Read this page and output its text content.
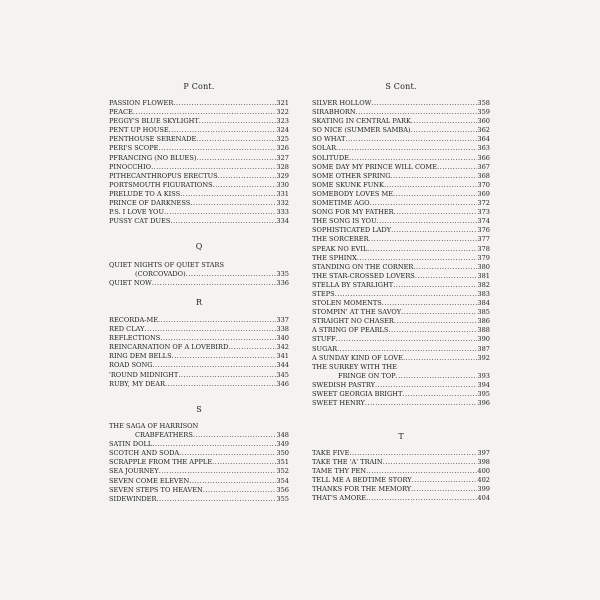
P Cont.
PASSION FLOWER .....	321
PEACE .....	322
PEGGY'S BLUE SKYLIGHT .....	323
PENT UP HOUSE .....	324
PENTHOUSE SERENADE .....	325
PERI'S SCOPE .....	326
PFRANCING (NO BLUES) .....	327
PINOCCHIO .....	328
PITHECANTHROPUS ERECTUS .....	329
PORTSMOUTH FIGURATIONS .....	330
PRELUDE TO A KISS .....	331
PRINCE OF DARKNESS .....	332
P.S. I LOVE YOU .....	333
PUSSY CAT DUES .....	334
Q
QUIET NIGHTS OF QUIET STARS
(CORCOVADO) .....	335
QUIET NOW .....	336
R
RECORDA-ME .....	337
RED CLAY .....	338
REFLECTIONS .....	340
REINCARNATION OF A LOVEBIRD .....	342
RING DEM BELLS .....	341
ROAD SONG .....	344
'ROUND MIDNIGHT .....	345
RUBY, MY DEAR .....	346
S
THE SAGA OF HARRISON
CRABFEATHERS .....	348
SATIN DOLL .....	349
SCOTCH AND SODA .....	350
SCRAPPLE FROM THE APPLE .....	351
SEA JOURNEY .....	352
SEVEN COME ELEVEN .....	354
SEVEN STEPS TO HEAVEN .....	356
SIDEWINDER .....	355
S Cont.
SILVER HOLLOW .....	358
SIRABHORN .....	359
SKATING IN CENTRAL PARK .....	360
SO NICE (SUMMER SAMBA) .....	362
SO WHAT .....	364
SOLAR .....	363
SOLITUDE .....	366
SOME DAY MY PRINCE WILL COME .....	367
SOME OTHER SPRING .....	368
SOME SKUNK FUNK .....	370
SOMEBODY LOVES ME .....	369
SOMETIME AGO .....	372
SONG FOR MY FATHER .....	373
THE SONG IS YOU .....	374
SOPHISTICATED LADY .....	376
THE SORCERER .....	377
SPEAK NO EVIL .....	378
THE SPHINX .....	379
STANDING ON THE CORNER .....	380
THE STAR-CROSSED LOVERS .....	381
STELLA BY STARLIGHT .....	382
STEPS .....	383
STOLEN MOMENTS .....	384
STOMPIN' AT THE SAVOY .....	385
STRAIGHT NO CHASER .....	386
A STRING OF PEARLS .....	388
STUFF .....	390
SUGAR .....	387
A SUNDAY KIND OF LOVE .....	392
THE SURREY WITH THE
FRINGE ON TOP .....	393
SWEDISH PASTRY .....	394
SWEET GEORGIA BRIGHT .....	395
SWEET HENRY .....	396
T
TAKE FIVE .....	397
TAKE THE 'A' TRAIN .....	398
TAME THY PEN .....	400
TELL ME A BEDTIME STORY .....	402
THANKS FOR THE MEMORY .....	399
THAT'S AMORE .....	404
